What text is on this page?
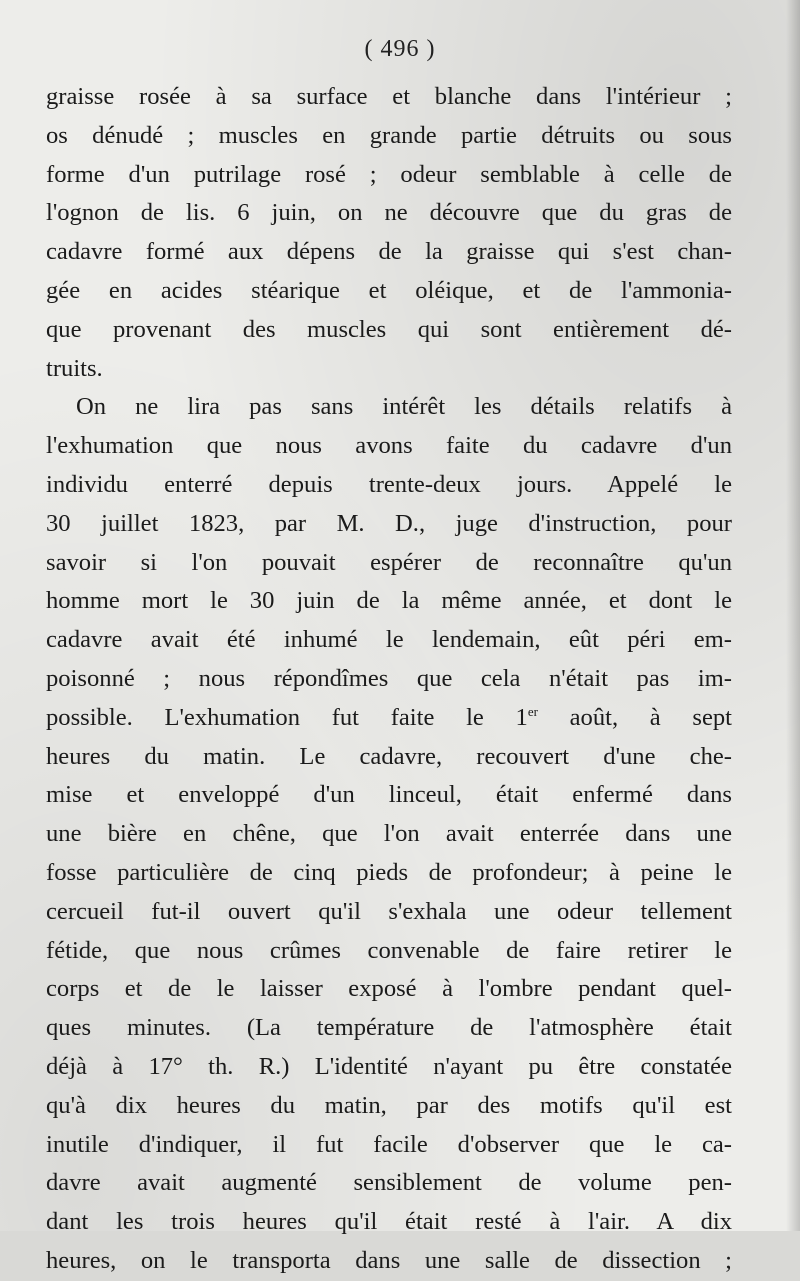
( 496 )
graisse rosée à sa surface et blanche dans l'intérieur ;
os dénudé ; muscles en grande partie détruits ou sous
forme d'un putrilage rosé ; odeur semblable à celle de
l'ognon de lis. 6 juin, on ne découvre que du gras de
cadavre formé aux dépens de la graisse qui s'est chan-
gée en acides stéarique et oléique, et de l'ammonia-
que provenant des muscles qui sont entièrement dé-
truits.
On ne lira pas sans intérêt les détails relatifs à
l'exhumation que nous avons faite du cadavre d'un
individu enterré depuis trente-deux jours. Appelé le
30 juillet 1823, par M. D., juge d'instruction, pour
savoir si l'on pouvait espérer de reconnaître qu'un
homme mort le 30 juin de la même année, et dont le
cadavre avait été inhumé le lendemain, eût péri em-
poisonné ; nous répondîmes que cela n'était pas im-
possible. L'exhumation fut faite le 1er août, à sept
heures du matin. Le cadavre, recouvert d'une che-
mise et enveloppé d'un linceul, était enfermé dans
une bière en chêne, que l'on avait enterrée dans une
fosse particulière de cinq pieds de profondeur; à peine le
cercueil fut-il ouvert qu'il s'exhala une odeur tellement
fétide, que nous crûmes convenable de faire retirer le
corps et de le laisser exposé à l'ombre pendant quel-
ques minutes. (La température de l'atmosphère était
déjà à 17° th. R.) L'identité n'ayant pu être constatée
qu'à dix heures du matin, par des motifs qu'il est
inutile d'indiquer, il fut facile d'observer que le ca-
davre avait augmenté sensiblement de volume pen-
dant les trois heures qu'il était resté à l'air. A dix
heures, on le transporta dans une salle de dissection ;
